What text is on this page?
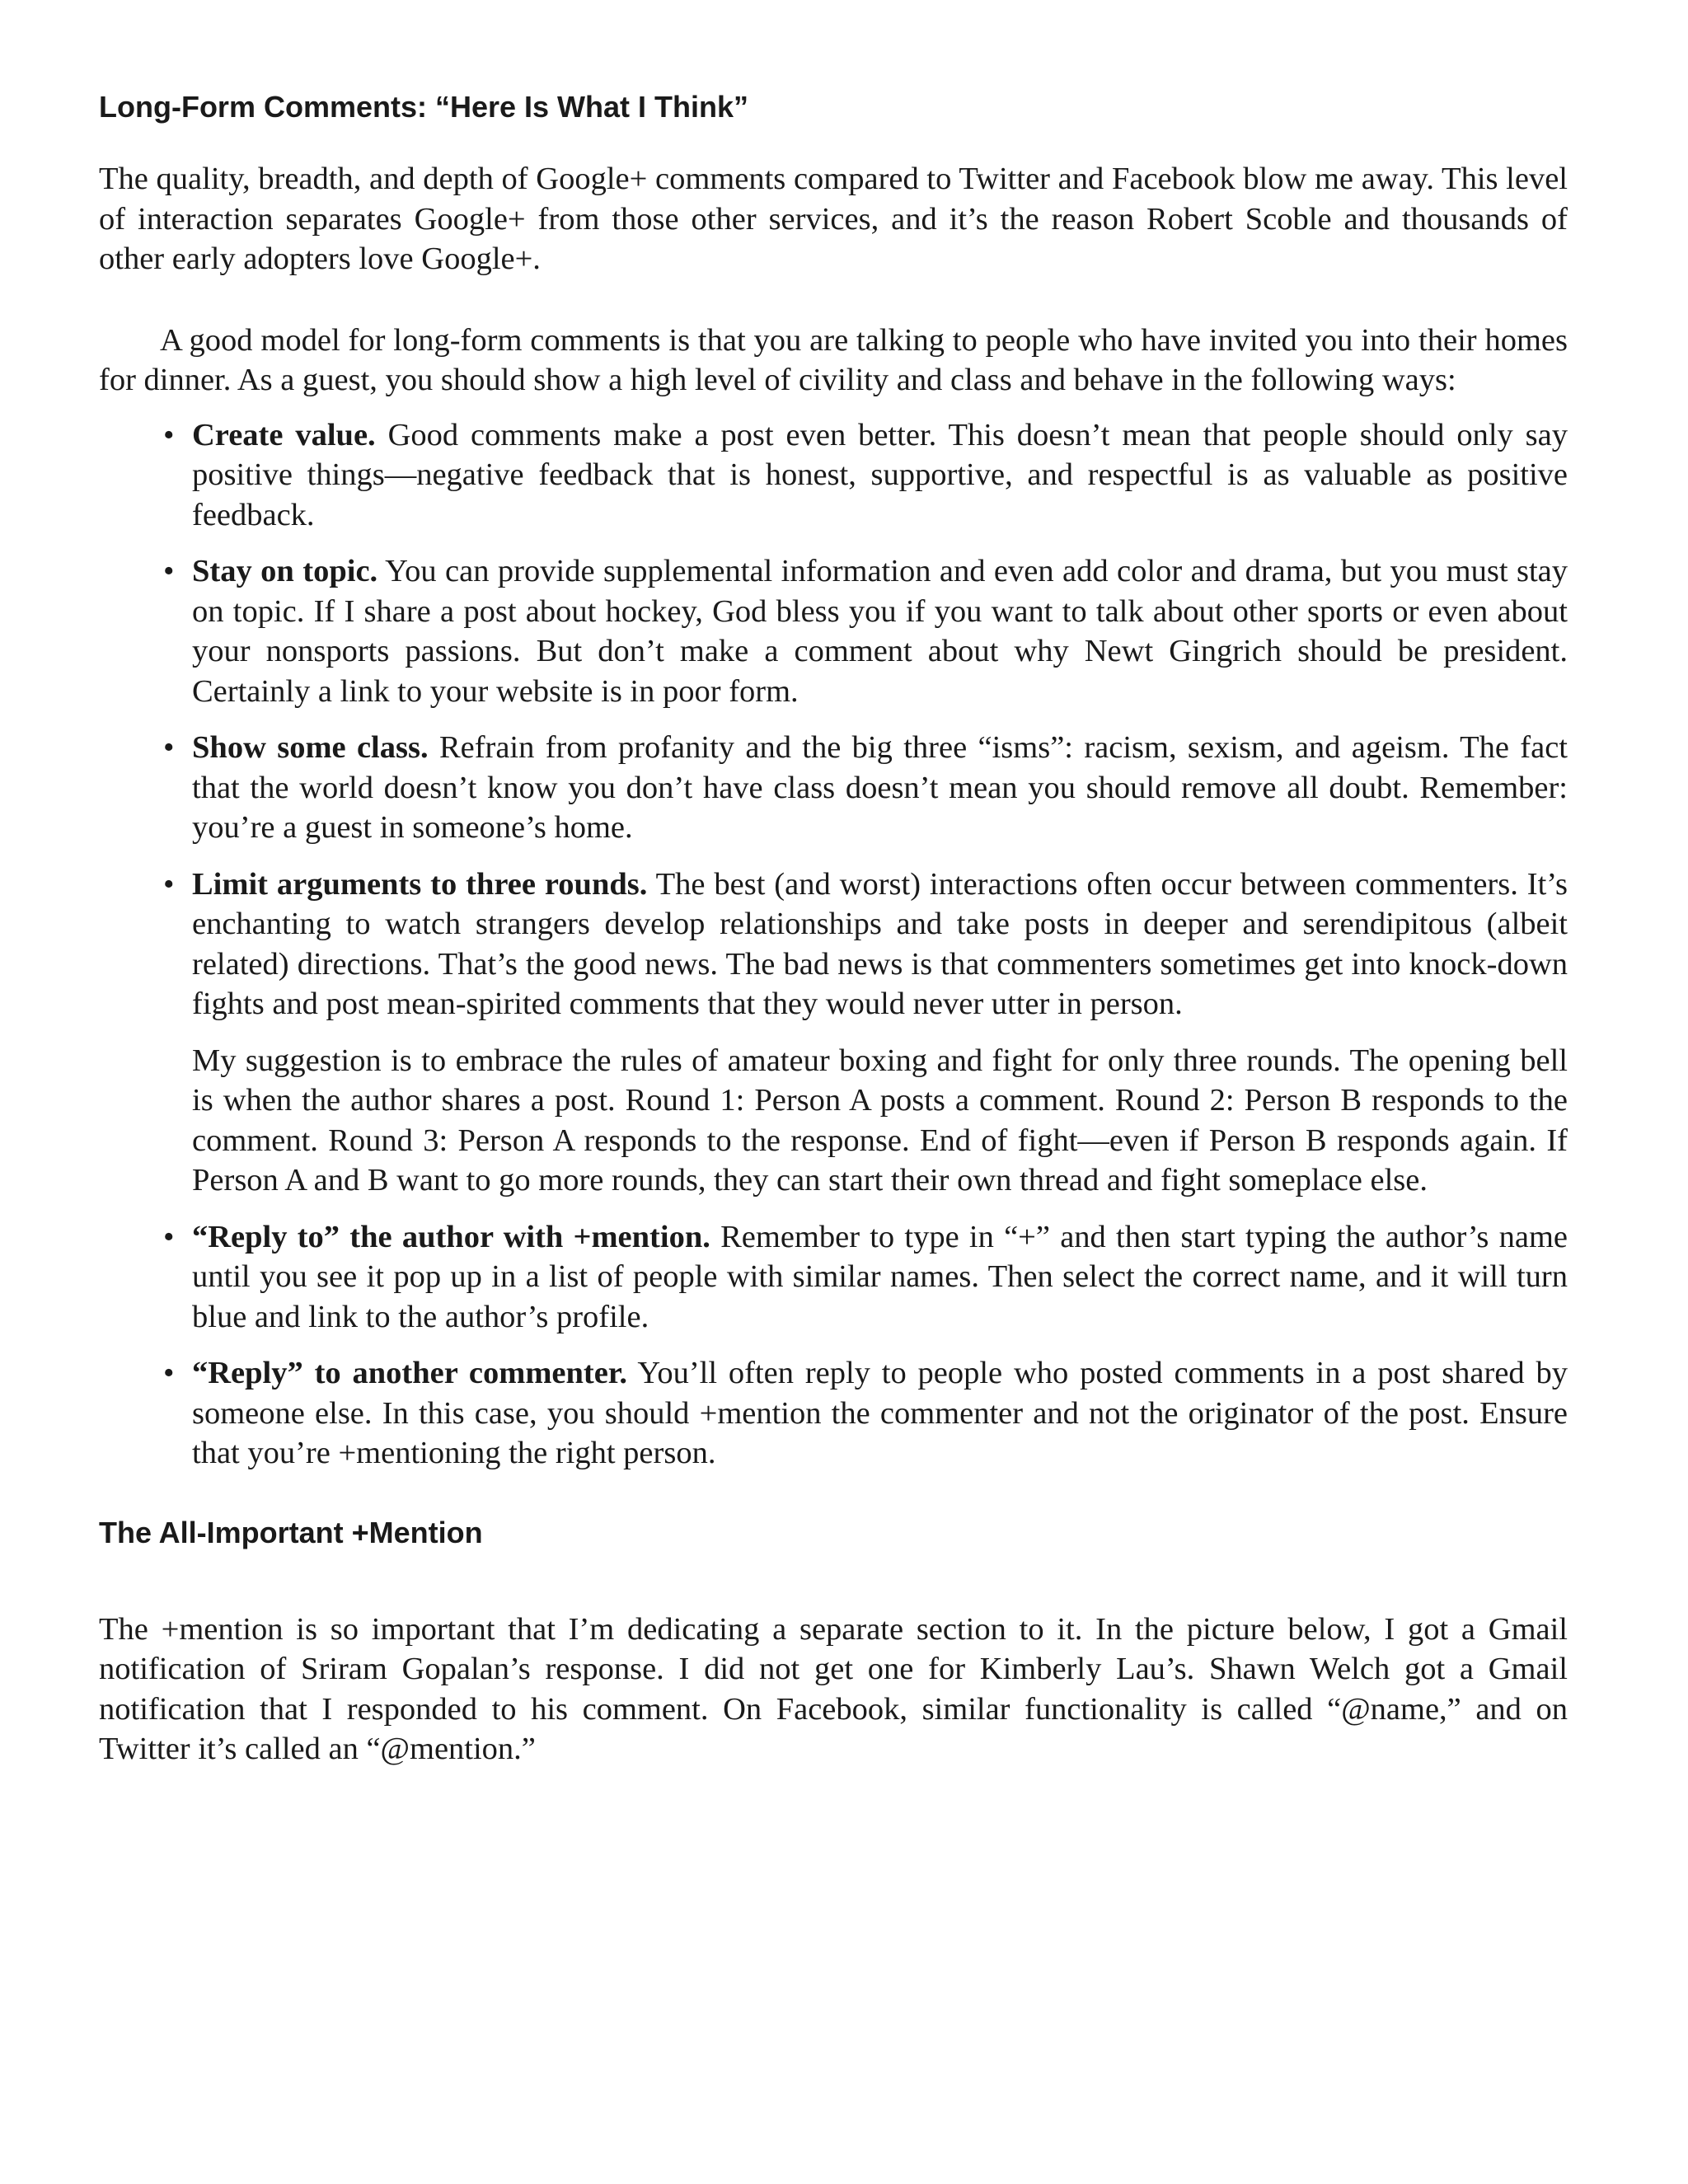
Long-Form Comments: “Here Is What I Think”

The quality, breadth, and depth of Google+ comments compared to Twitter and Facebook blow me away. This level of interaction separates Google+ from those other services, and it’s the reason Robert Scoble and thousands of other early adopters love Google+.

A good model for long-form comments is that you are talking to people who have invited you into their homes for dinner. As a guest, you should show a high level of civility and class and behave in the following ways:

• Create value. Good comments make a post even better. This doesn’t mean that people should only say positive things—negative feedback that is honest, supportive, and respectful is as valuable as positive feedback.
• Stay on topic. You can provide supplemental information and even add color and drama, but you must stay on topic. If I share a post about hockey, God bless you if you want to talk about other sports or even about your nonsports passions. But don’t make a comment about why Newt Gingrich should be president. Certainly a link to your website is in poor form.
• Show some class. Refrain from profanity and the big three “isms”: racism, sexism, and ageism. The fact that the world doesn’t know you don’t have class doesn’t mean you should remove all doubt. Remember: you’re a guest in someone’s home.
• Limit arguments to three rounds. The best (and worst) interactions often occur between commenters. It’s enchanting to watch strangers develop relationships and take posts in deeper and serendipitous (albeit related) directions. That’s the good news. The bad news is that commenters sometimes get into knock-down fights and post mean-spirited comments that they would never utter in person.
My suggestion is to embrace the rules of amateur boxing and fight for only three rounds. The opening bell is when the author shares a post. Round 1: Person A posts a comment. Round 2: Person B responds to the comment. Round 3: Person A responds to the response. End of fight—even if Person B responds again. If Person A and B want to go more rounds, they can start their own thread and fight someplace else.
• “Reply to” the author with +mention. Remember to type in “+” and then start typing the author’s name until you see it pop up in a list of people with similar names. Then select the correct name, and it will turn blue and link to the author’s profile.
• “Reply” to another commenter. You’ll often reply to people who posted comments in a post shared by someone else. In this case, you should +mention the commenter and not the originator of the post. Ensure that you’re +mentioning the right person.
The All-Important +Mention

The +mention is so important that I’m dedicating a separate section to it. In the picture below, I got a Gmail notification of Sriram Gopalan’s response. I did not get one for Kimberly Lau’s. Shawn Welch got a Gmail notification that I responded to his comment. On Facebook, similar functionality is called “@name,” and on Twitter it’s called an “@mention.”
